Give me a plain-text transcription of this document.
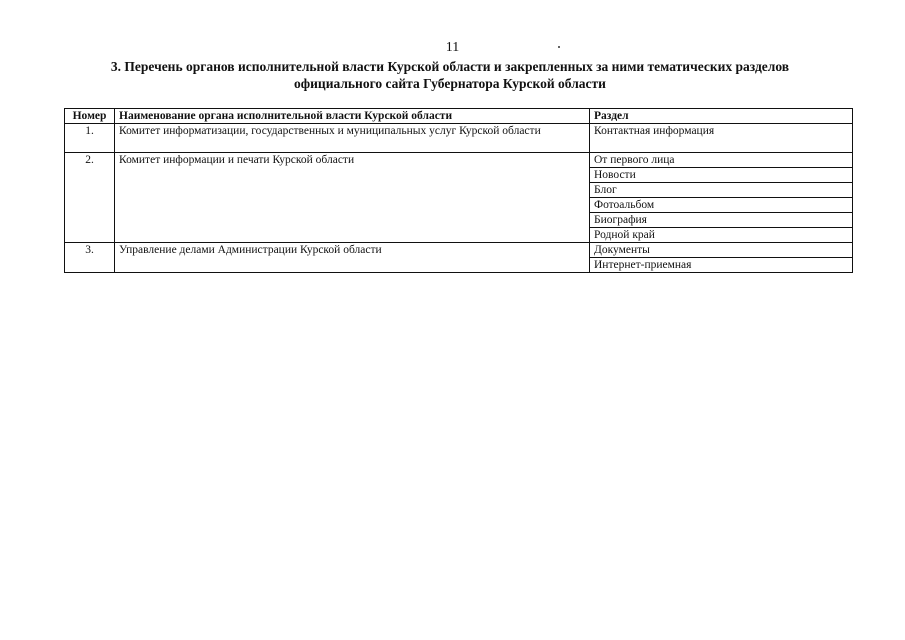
11
3. Перечень органов исполнительной власти Курской области и закрепленных за ними тематических разделов
официального сайта Губернатора Курской области
Номер	Наименование органа исполнительной власти Курской области	Раздел
1.	Комитет информатизации, государственных и муниципальных услуг Курской области	Контактная информация
2.	Комитет информации и печати Курской области	От первого лица
		Новости
		Блог
		Фотоальбом
		Биография
		Родной край
3.	Управление делами Администрации Курской области	Документы
		Интернет-приемная
